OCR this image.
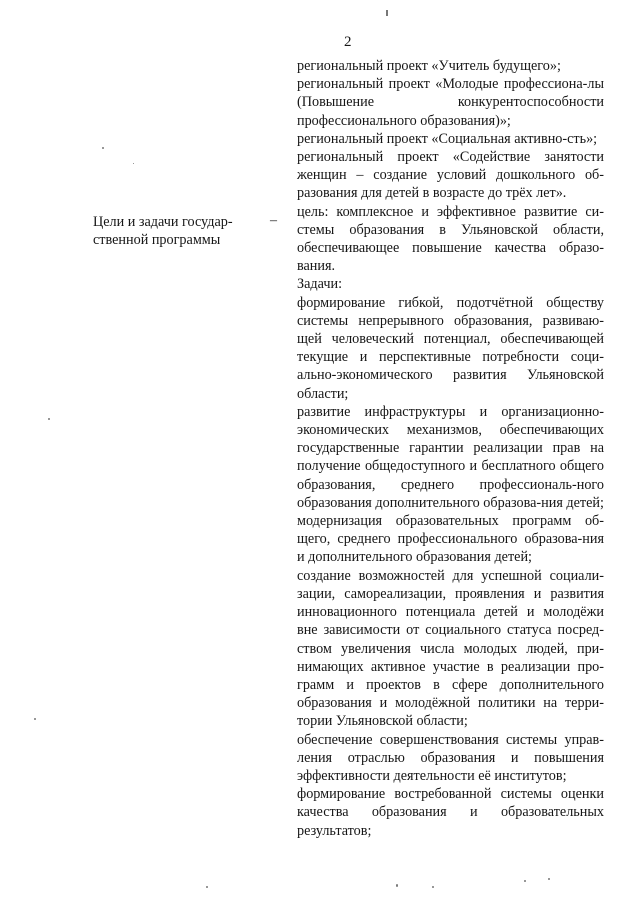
2
Цели и задачи государ-ственной программы
–

региональный проект «Учитель будущего»;

региональный проект «Молодые профессиона-лы (Повышение конкурентоспособности профессионального образования)»;

региональный проект «Социальная активно-сть»;

региональный проект «Содействие занятости женщин – создание условий дошкольного об-разования для детей в возрасте до трёх лет».

цель: комплексное и эффективное развитие си-стемы образования в Ульяновской области, обеспечивающее повышение качества образо-вания.

Задачи:

формирование гибкой, подотчётной обществу системы непрерывного образования, развиваю-щей человеческий потенциал, обеспечивающей текущие и перспективные потребности соци-ально-экономического развития Ульяновской области;

развитие инфраструктуры и организационно-экономических механизмов, обеспечивающих государственные гарантии реализации прав на получение общедоступного и бесплатного общего образования, среднего профессиональ-ного образования дополнительного образова-ния детей;

модернизация образовательных программ об-щего, среднего профессионального образова-ния и дополнительного образования детей;

создание возможностей для успешной социали-зации, самореализации, проявления и развития инновационного потенциала детей и молодёжи вне зависимости от социального статуса посред-ством увеличения числа молодых людей, при-нимающих активное участие в реализации про-грамм и проектов в сфере дополнительного образования и молодёжной политики на терри-тории Ульяновской области;

обеспечение совершенствования системы управ-ления отраслью образования и повышения эффективности деятельности её институтов;

формирование востребованной системы оценки качества образования и образовательных результатов;
